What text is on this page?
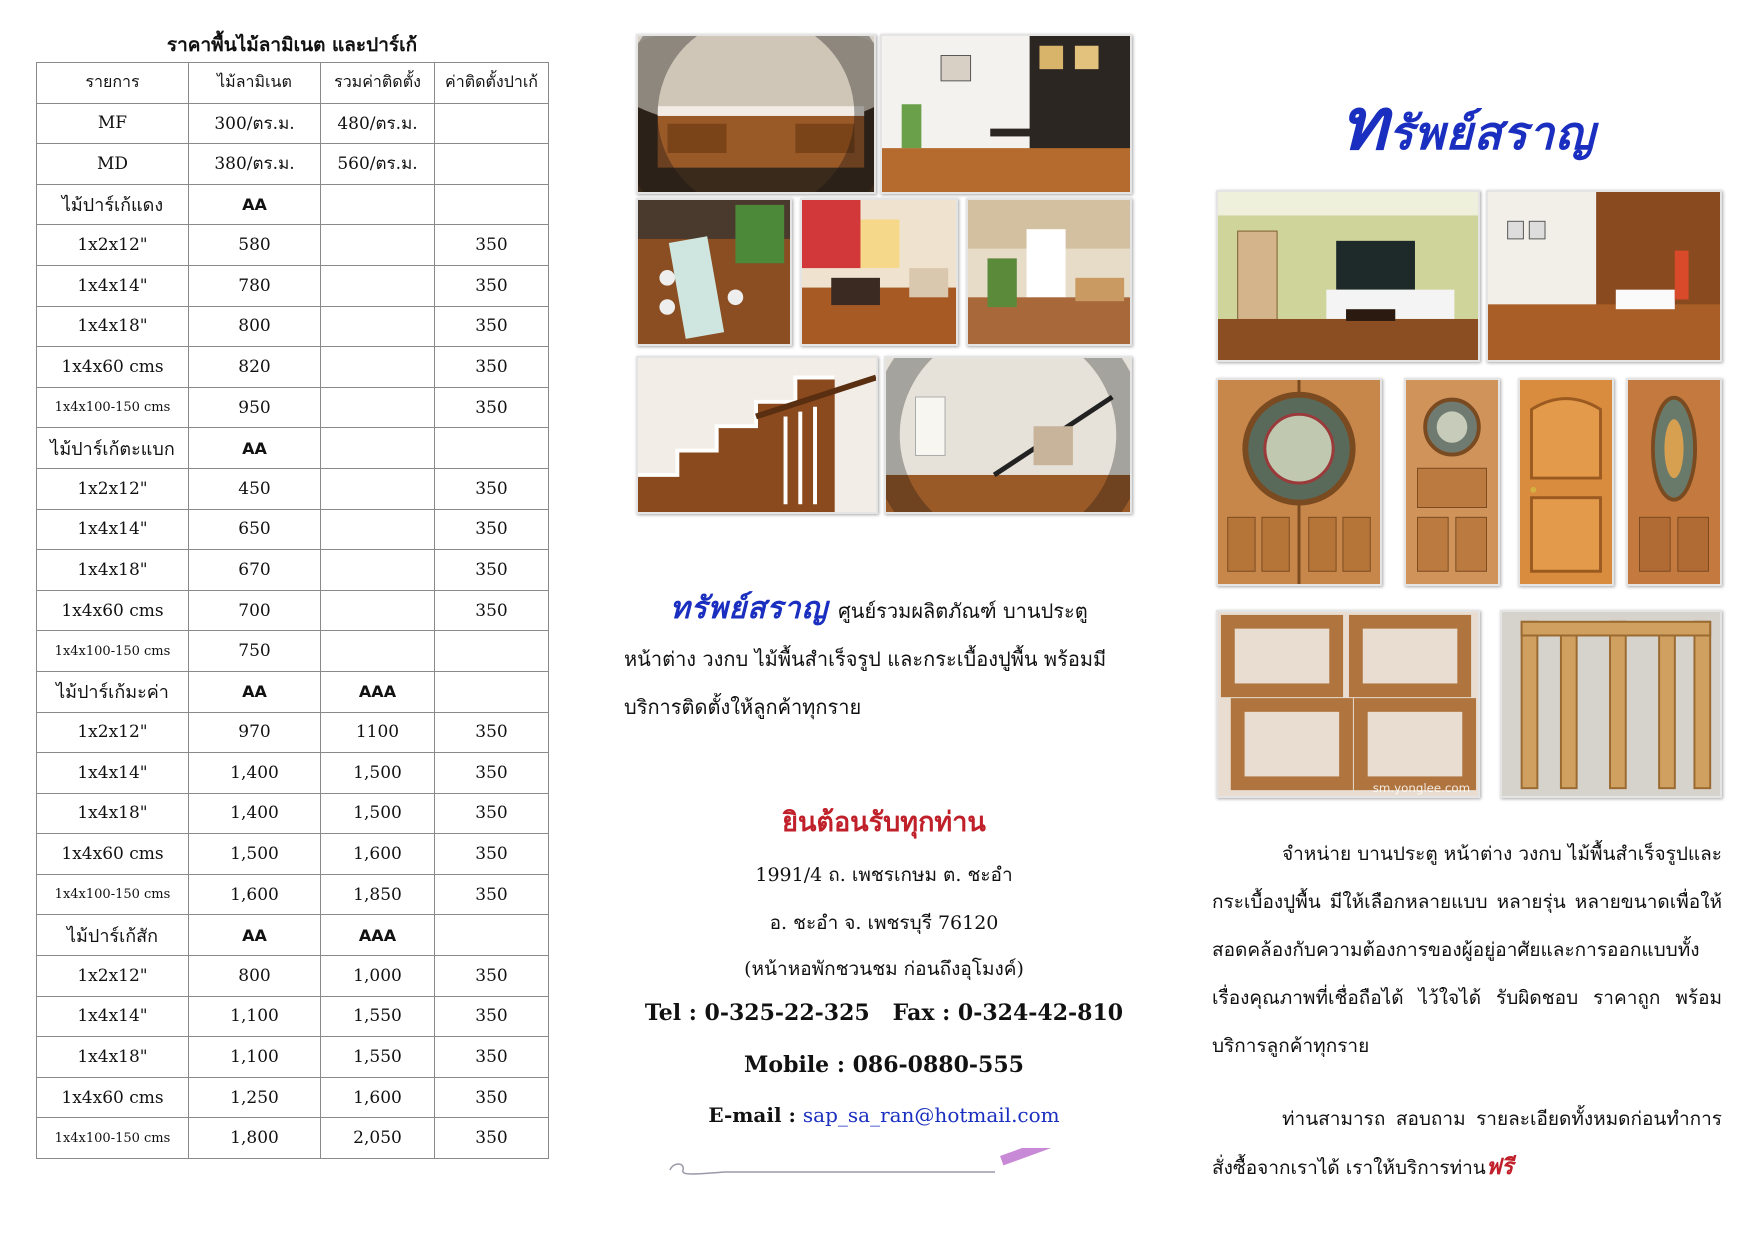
ราคาพื้นไม้ลามิเนต และปาร์เก้
รายการ	ไม้ลามิเนต	รวมค่าติดตั้ง	ค่าติดตั้งปาเก้
MF	300/ตร.ม.	480/ตร.ม.	
MD	380/ตร.ม.	560/ตร.ม.	
ไม้ปาร์เก้แดง	AA		
1x2x12"	580		350
1x4x14"	780		350
1x4x18"	800		350
1x4x60 cms	820		350
1x4x100-150 cms	950		350
ไม้ปาร์เก้ตะแบก	AA		
1x2x12"	450		350
1x4x14"	650		350
1x4x18"	670		350
1x4x60 cms	700		350
1x4x100-150 cms	750		
ไม้ปาร์เก้มะค่า	AA	AAA	
1x2x12"	970	1100	350
1x4x14"	1,400	1,500	350
1x4x18"	1,400	1,500	350
1x4x60 cms	1,500	1,600	350
1x4x100-150 cms	1,600	1,850	350
ไม้ปาร์เก้สัก	AA	AAA	
1x2x12"	800	1,000	350
1x4x14"	1,100	1,550	350
1x4x18"	1,100	1,550	350
1x4x60 cms	1,250	1,600	350
1x4x100-150 cms	1,800	2,050	350
ทรัพย์สราญ ศูนย์รวมผลิตภัณฑ์ บานประตู หน้าต่าง วงกบ ไม้พื้นสำเร็จรูป และกระเบื้องปูพื้น พร้อมมีบริการติดตั้งให้ลูกค้าทุกราย
ยินต้อนรับทุกท่าน
1991/4 ถ. เพชรเกษม ต. ชะอำ
อ. ชะอำ จ. เพชรบุรี 76120
(หน้าหอพักชวนชม ก่อนถึงอุโมงค์)
Tel : 0-325-22-325   Fax : 0-324-42-810
Mobile : 086-0880-555
E-mail : sap_sa_ran@hotmail.com
ทรัพย์สราญ
sm.yonglee.com
จำหน่าย บานประตู หน้าต่าง วงกบ ไม้พื้นสำเร็จรูปและกระเบื้องปูพื้น มีให้เลือกหลายแบบ หลายรุ่น หลายขนาดเพื่อให้สอดคล้องกับความต้องการของผู้อยู่อาศัยและการออกแบบทั้งเรื่องคุณภาพที่เชื่อถือได้ ไว้ใจได้ รับผิดชอบ ราคาถูก พร้อมบริการลูกค้าทุกราย
ท่านสามารถ สอบถาม รายละเอียดทั้งหมดก่อนทำการสั่งซื้อจากเราได้ เราให้บริการท่านฟรี
